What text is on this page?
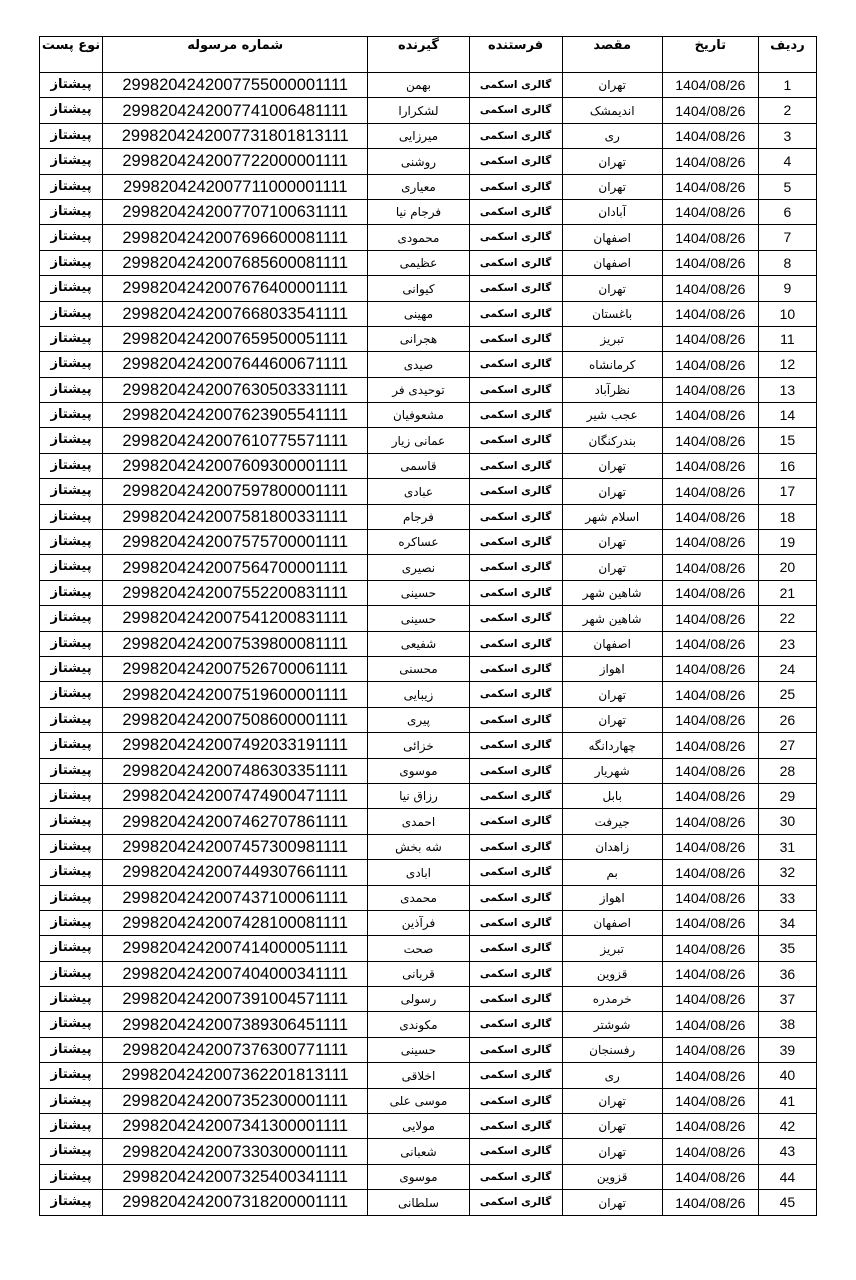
نوع پست	شماره مرسوله	گیرنده	فرستنده	مقصد	تاریخ	ردیف
پیشتاز	2998204242007755000001111	بهمن	گالری اسکمی	تهران	1404/08/26	1
پیشتاز	2998204242007741006481111	لشکرارا	گالری اسکمی	اندیمشک	1404/08/26	2
پیشتاز	2998204242007731801813111	میرزایی	گالری اسکمی	ری	1404/08/26	3
پیشتاز	2998204242007722000001111	روشنی	گالری اسکمی	تهران	1404/08/26	4
پیشتاز	2998204242007711000001111	معیاری	گالری اسکمی	تهران	1404/08/26	5
پیشتاز	2998204242007707100631111	فرجام نیا	گالری اسکمی	آبادان	1404/08/26	6
پیشتاز	2998204242007696600081111	محمودی	گالری اسکمی	اصفهان	1404/08/26	7
پیشتاز	2998204242007685600081111	عظیمی	گالری اسکمی	اصفهان	1404/08/26	8
پیشتاز	2998204242007676400001111	کیوانی	گالری اسکمی	تهران	1404/08/26	9
پیشتاز	2998204242007668033541111	مهینی	گالری اسکمی	باغستان	1404/08/26	10
پیشتاز	2998204242007659500051111	هجرانی	گالری اسکمی	تبریز	1404/08/26	11
پیشتاز	2998204242007644600671111	صیدی	گالری اسکمی	کرمانشاه	1404/08/26	12
پیشتاز	2998204242007630503331111	توحیدی فر	گالری اسکمی	نظرآباد	1404/08/26	13
پیشتاز	2998204242007623905541111	مشعوفیان	گالری اسکمی	عجب شیر	1404/08/26	14
پیشتاز	2998204242007610775571111	عمانی زیار	گالری اسکمی	بندرکنگان	1404/08/26	15
پیشتاز	2998204242007609300001111	قاسمی	گالری اسکمی	تهران	1404/08/26	16
پیشتاز	2998204242007597800001111	عبادی	گالری اسکمی	تهران	1404/08/26	17
پیشتاز	2998204242007581800331111	فرجام	گالری اسکمی	اسلام شهر	1404/08/26	18
پیشتاز	2998204242007575700001111	عساکره	گالری اسکمی	تهران	1404/08/26	19
پیشتاز	2998204242007564700001111	نصیری	گالری اسکمی	تهران	1404/08/26	20
پیشتاز	2998204242007552200831111	حسینی	گالری اسکمی	شاهین شهر	1404/08/26	21
پیشتاز	2998204242007541200831111	حسینی	گالری اسکمی	شاهین شهر	1404/08/26	22
پیشتاز	2998204242007539800081111	شفیعی	گالری اسکمی	اصفهان	1404/08/26	23
پیشتاز	2998204242007526700061111	محسنی	گالری اسکمی	اهواز	1404/08/26	24
پیشتاز	2998204242007519600001111	زیبایی	گالری اسکمی	تهران	1404/08/26	25
پیشتاز	2998204242007508600001111	پیری	گالری اسکمی	تهران	1404/08/26	26
پیشتاز	2998204242007492033191111	خزائی	گالری اسکمی	چهاردانگه	1404/08/26	27
پیشتاز	2998204242007486303351111	موسوی	گالری اسکمی	شهریار	1404/08/26	28
پیشتاز	2998204242007474900471111	رزاق نیا	گالری اسکمی	بابل	1404/08/26	29
پیشتاز	2998204242007462707861111	احمدی	گالری اسکمی	جیرفت	1404/08/26	30
پیشتاز	2998204242007457300981111	شه بخش	گالری اسکمی	زاهدان	1404/08/26	31
پیشتاز	2998204242007449307661111	ابادی	گالری اسکمی	بم	1404/08/26	32
پیشتاز	2998204242007437100061111	محمدی	گالری اسکمی	اهواز	1404/08/26	33
پیشتاز	2998204242007428100081111	فرآذین	گالری اسکمی	اصفهان	1404/08/26	34
پیشتاز	2998204242007414000051111	صحت	گالری اسکمی	تبریز	1404/08/26	35
پیشتاز	2998204242007404000341111	قربانی	گالری اسکمی	قزوین	1404/08/26	36
پیشتاز	2998204242007391004571111	رسولی	گالری اسکمی	خرمدره	1404/08/26	37
پیشتاز	2998204242007389306451111	مکوندی	گالری اسکمی	شوشتر	1404/08/26	38
پیشتاز	2998204242007376300771111	حسینی	گالری اسکمی	رفسنجان	1404/08/26	39
پیشتاز	2998204242007362201813111	اخلاقی	گالری اسکمی	ری	1404/08/26	40
پیشتاز	2998204242007352300001111	موسی علی	گالری اسکمی	تهران	1404/08/26	41
پیشتاز	2998204242007341300001111	مولایی	گالری اسکمی	تهران	1404/08/26	42
پیشتاز	2998204242007330300001111	شعبانی	گالری اسکمی	تهران	1404/08/26	43
پیشتاز	2998204242007325400341111	موسوی	گالری اسکمی	قزوین	1404/08/26	44
پیشتاز	2998204242007318200001111	سلطانی	گالری اسکمی	تهران	1404/08/26	45
